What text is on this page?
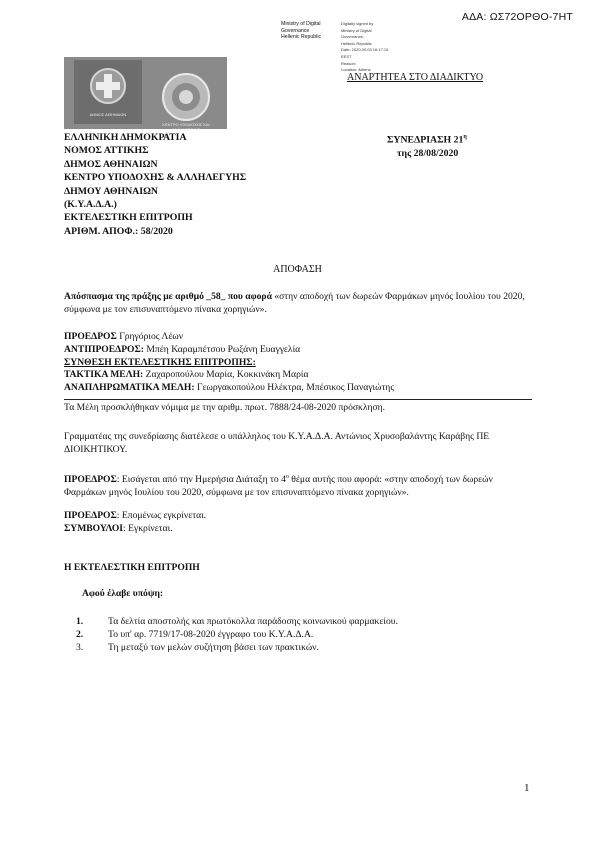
ΑΔΑ: ΩΣ72ΟΡΘΟ-7ΗΤ
Ministry of Digital
Governance
Hellenic Republic
Digitally signed by
Ministry of Digital
Governance,
Hellenic Republic
Date: 2020.09.03 16:17:19
EEST
Reason:
Location: Athens
ΔΗΜΟΣ ΑΘΗΝΑΙΩΝ
ΚΕΝΤΡΟ ΥΠΟΔΟΧΗΣ ΚΑΙ ΑΛΛΗΛΕΓΓΥΗΣ
ΑΝΑΡΤΗΤΕΑ ΣΤΟ ΔΙΑΔΙΚΤΥΟ
ΕΛΛΗΝΙΚΗ ΔΗΜΟΚΡΑΤΙΑ
ΝΟΜΟΣ ΑΤΤΙΚΗΣ
ΔΗΜΟΣ ΑΘΗΝΑΙΩΝ
ΚΕΝΤΡΟ ΥΠΟΔΟΧΗΣ & ΑΛΛΗΛΕΓΥΗΣ
ΔΗΜΟΥ ΑΘΗΝΑΙΩΝ
(Κ.Υ.Α.Δ.Α.)
ΕΚΤΕΛΕΣΤΙΚΗ ΕΠΙΤΡΟΠΗ
ΑΡΙΘΜ. ΑΠΟΦ.: 58/2020
ΣΥΝΕΔΡΙΑΣΗ $21^\eta$
της 28/08/2020
ΑΠΟΦΑΣΗ
Απόσπασμα της πράξης με αριθμό _58_ που αφορά «στην αποδοχή των δωρεών Φαρμάκων μηνός Ιουλίου του 2020, σύμφωνα με τον επισυναπτόμενο πίνακα χορηγιών».
ΠΡΟΕΔΡΟΣ Γρηγόριος Λέων
ΑΝΤΙΠΡΟΕΔΡΟΣ: Μπέη Καραμπέτσου Ρωξάνη Ευαγγελία
ΣΥΝΘΕΣΗ ΕΚΤΕΛΕΣΤΙΚΗΣ ΕΠΙΤΡΟΠΗΣ:
ΤΑΚΤΙΚΑ ΜΕΛΗ: Ζαχαροπούλου Μαρία, Κοκκινάκη Μαρία
ΑΝΑΠΛΗΡΩΜΑΤΙΚΑ ΜΕΛΗ: Γεωργακοπούλου Ηλέκτρα, Μπέσικος Παναγιώτης
Τα Μέλη προσκλήθηκαν νόμιμα με την αριθμ. πρωτ. 7888/24-08-2020 πρόσκληση.
Γραμματέας της συνεδρίασης διατέλεσε ο υπάλληλος του Κ.Υ.Α.Δ.Α. Αντώνιος Χρυσοβαλάντης Καράβης ΠΕ ΔΙΟΙΚΗΤΙΚΟΥ.
ΠΡΟΕΔΡΟΣ: Εισάγεται από την Ημερήσια Διάταξη το $4^o$ θέμα αυτής που αφορά: «στην αποδοχή των δωρεών Φαρμάκων μηνός Ιουλίου του 2020, σύμφωνα με τον επισυναπτόμενο πίνακα χορηγιών».
ΠΡΟΕΔΡΟΣ: Επομένως εγκρίνεται.
ΣΥΜΒΟΥΛΟΙ: Εγκρίνεται.
Η ΕΚΤΕΛΕΣΤΙΚΗ ΕΠΙΤΡΟΠΗ
Αφού έλαβε υπόψη:
1.	Τα δελτία αποστολής και πρωτόκολλα παράδοσης κοινωνικού φαρμακείου.
2.	Το υπ' αρ. 7719/17-08-2020 έγγραφο του Κ.Υ.Α.Δ.Α.
3.	Τη μεταξύ των μελών συζήτηση βάσει των πρακτικών.
1
